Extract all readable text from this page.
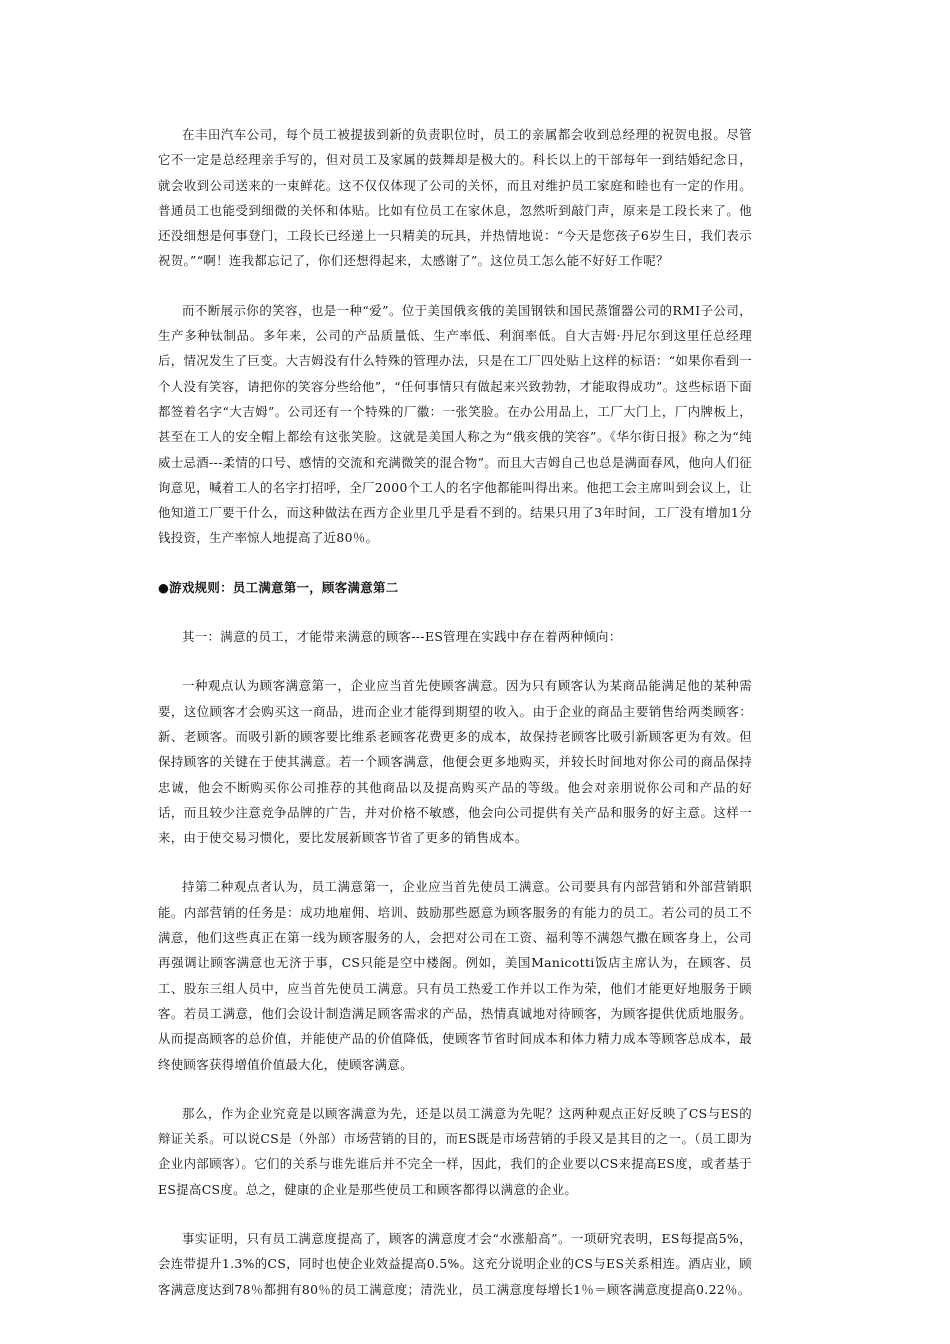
在丰田汽车公司，每个员工被提拔到新的负责职位时，员工的亲属都会收到总经理的祝贺电报。尽管它不一定是总经理亲手写的，但对员工及家属的鼓舞却是极大的。科长以上的干部每年一到结婚纪念日，就会收到公司送来的一束鲜花。这不仅仅体现了公司的关怀，而且对维护员工家庭和睦也有一定的作用。普通员工也能受到细微的关怀和体贴。比如有位员工在家休息，忽然听到敲门声，原来是工段长来了。他还没细想是何事登门，工段长已经递上一只精美的玩具，并热情地说：“今天是您孩子6岁生日，我们表示祝贺。”“啊！连我都忘记了，你们还想得起来，太感谢了”。这位员工怎么能不好好工作呢？

而不断展示你的笑容，也是一种“爱”。位于美国俄亥俄的美国钢铁和国民蒸馏器公司的RMI子公司，生产多种钛制品。多年来，公司的产品质量低、生产率低、利润率低。自大吉姆·丹尼尔到这里任总经理后，情况发生了巨变。大吉姆没有什么特殊的管理办法，只是在工厂四处贴上这样的标语：“如果你看到一个人没有笑容，请把你的笑容分些给他”，“任何事情只有做起来兴致勃勃，才能取得成功”。这些标语下面都签着名字“大吉姆”。公司还有一个特殊的厂徽：一张笑脸。在办公用品上，工厂大门上，厂内牌板上，甚至在工人的安全帽上都绘有这张笑脸。这就是美国人称之为“俄亥俄的笑容”。《华尔街日报》称之为“纯威士忌酒---柔情的口号、感情的交流和充满微笑的混合物”。而且大吉姆自己也总是满面春风，他向人们征询意见，喊着工人的名字打招呼，全厂2000个工人的名字他都能叫得出来。他把工会主席叫到会议上，让他知道工厂要干什么，而这种做法在西方企业里几乎是看不到的。结果只用了3年时间，工厂没有增加1分钱投资，生产率惊人地提高了近80％。

●游戏规则：员工满意第一，顾客满意第二

其一：满意的员工，才能带来满意的顾客---ES管理在实践中存在着两种倾向：

一种观点认为顾客满意第一，企业应当首先使顾客满意。因为只有顾客认为某商品能满足他的某种需要，这位顾客才会购买这一商品，进而企业才能得到期望的收入。由于企业的商品主要销售给两类顾客：新、老顾客。而吸引新的顾客要比维系老顾客花费更多的成本，故保持老顾客比吸引新顾客更为有效。但保持顾客的关键在于使其满意。若一个顾客满意，他便会更多地购买，并较长时间地对你公司的商品保持忠诚，他会不断购买你公司推荐的其他商品以及提高购买产品的等级。他会对亲朋说你公司和产品的好话，而且较少注意竞争品牌的广告，并对价格不敏感，他会向公司提供有关产品和服务的好主意。这样一来，由于使交易习惯化，要比发展新顾客节省了更多的销售成本。

持第二种观点者认为，员工满意第一，企业应当首先使员工满意。公司要具有内部营销和外部营销职能。内部营销的任务是：成功地雇佣、培训、鼓励那些愿意为顾客服务的有能力的员工。若公司的员工不满意，他们这些真正在第一线为顾客服务的人，会把对公司在工资、福利等不满怨气撒在顾客身上，公司再强调让顾客满意也无济于事，CS只能是空中楼阁。例如，美国Manicotti饭店主席认为，在顾客、员工、股东三组人员中，应当首先使员工满意。只有员工热爱工作并以工作为荣，他们才能更好地服务于顾客。若员工满意，他们会设计制造满足顾客需求的产品，热情真诚地对待顾客，为顾客提供优质地服务。从而提高顾客的总价值，并能使产品的价值降低，使顾客节省时间成本和体力精力成本等顾客总成本，最终使顾客获得增值价值最大化，使顾客满意。

那么，作为企业究竟是以顾客满意为先，还是以员工满意为先呢？这两种观点正好反映了CS与ES的辩证关系。可以说CS是（外部）市场营销的目的，而ES既是市场营销的手段又是其目的之一。（员工即为企业内部顾客）。它们的关系与谁先谁后并不完全一样，因此，我们的企业要以CS来提高ES度，或者基于ES提高CS度。总之，健康的企业是那些使员工和顾客都得以满意的企业。

事实证明，只有员工满意度提高了，顾客的满意度才会“水涨船高”。一项研究表明，ES每提高5%，会连带提升1.3%的CS，同时也使企业效益提高0.5%。这充分说明企业的CS与ES关系相连。酒店业，顾客满意度达到78％都拥有80％的员工满意度；清洗业，员工满意度每增长1％＝顾客满意度提高0.22％。
